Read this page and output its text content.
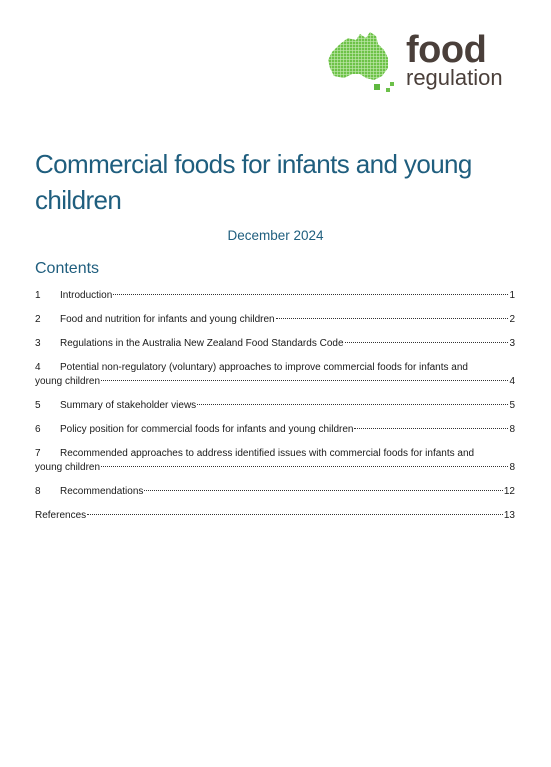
food
regulation
Commercial foods for infants and young children
December 2024
Contents
1	Introduction	1
2	Food and nutrition for infants and young children	2
3	Regulations in the Australia New Zealand Food Standards Code	3
4	Potential non-regulatory (voluntary) approaches to improve commercial foods for infants and
young children	4
5	Summary of stakeholder views	5
6	Policy position for commercial foods for infants and young children	8
7	Recommended approaches to address identified issues with commercial foods for infants and
young children	8
8	Recommendations	12
References	13
